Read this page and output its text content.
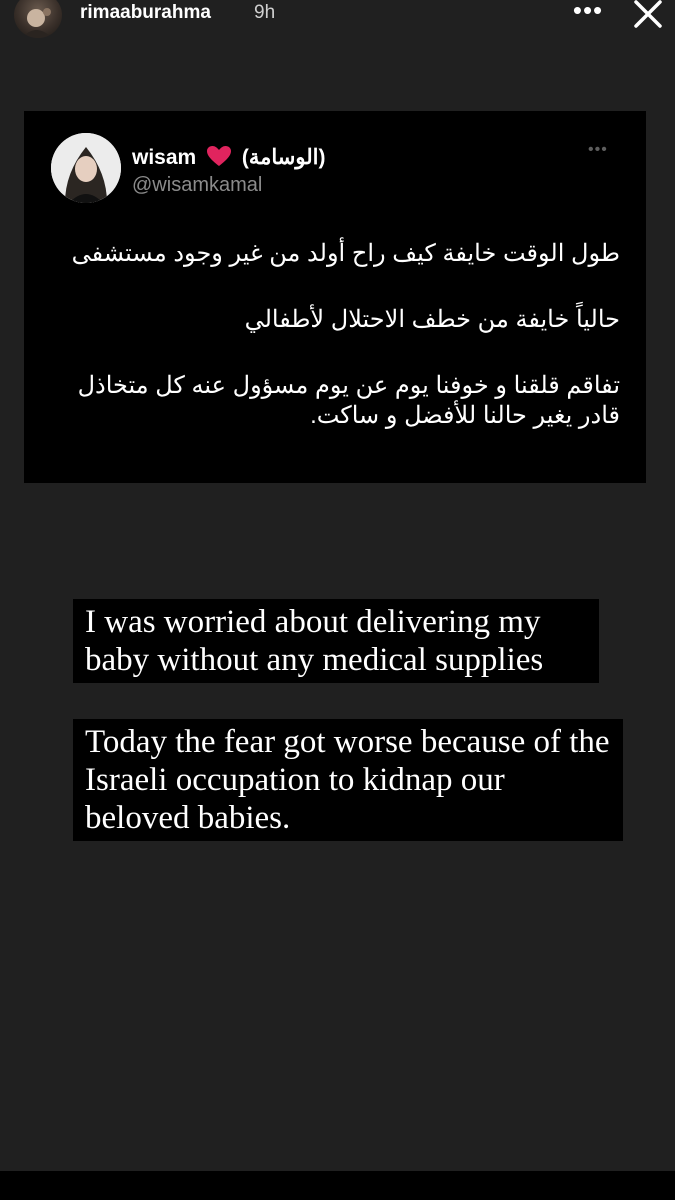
rimaaburahma 9h	•••
wisam (الوسامة)
@wisamkamal
•••

طول الوقت خايفة كيف راح أولد من غير وجود مستشفى

حالياً خايفة من خطف الاحتلال لأطفالي

تفاقم قلقنا و خوفنا يوم عن يوم مسؤول عنه كل متخاذل قادر يغير حالنا للأفضل و ساكت.

I was worried about delivering my baby without any medical supplies
Today the fear got worse because of the Israeli occupation to kidnap our beloved babies.
